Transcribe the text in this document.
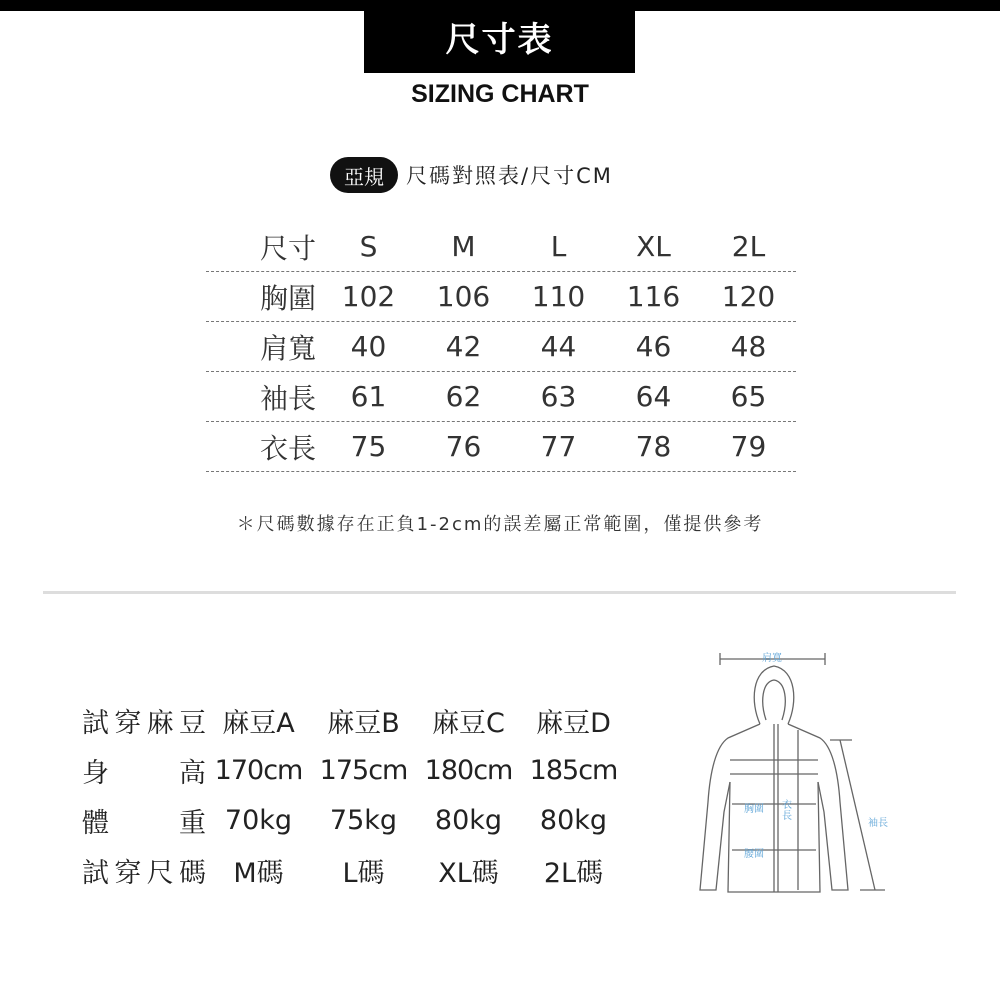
尺寸表
SIZING CHART
亞規	尺碼對照表/尺寸CM
尺寸	S	M	L	XL	2L
胸圍 102	106	110	116	120
肩寬	40	42	44	46	48
袖長	61	62	63	64	65
衣長	75	76	77	78	79
＊尺碼數據存在正負1-2cm的誤差屬正常範圍，僅提供參考
試穿麻豆 麻豆A	麻豆B	麻豆C	麻豆D
身高 170cm 175cm 180cm 185cm
體重 70kg	75kg	80kg	80kg
試穿尺碼	M碼	L碼	XL碼	2L碼
肩寬
胸圍 衣長
袖長
腰圍
